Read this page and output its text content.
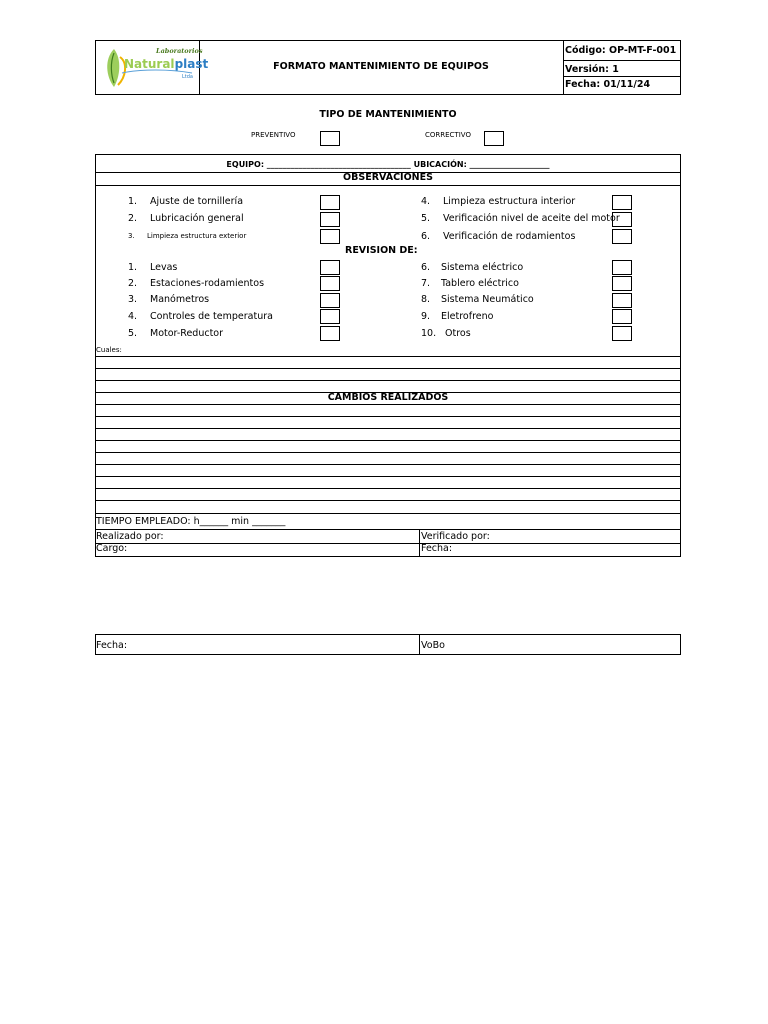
Laboratorios
Naturalplast
Ltda
FORMATO MANTENIMIENTO DE EQUIPOS
Código: OP-MT-F-001
Versión: 1
Fecha: 01/11/24
TIPO DE MANTENIMIENTO
PREVENTIVO	CORRECTIVO
EQUIPO: ____________________________________ UBICACIÓN: ____________________
OBSERVACIONES
1. Ajuste de tornillería
2. Lubricación general
3. Limpieza estructura exterior
4. Limpieza estructura interior
5. Verificación nivel de aceite del motor
6. Verificación de rodamientos
REVISION DE:
1. Levas
2. Estaciones-rodamientos
3. Manómetros
4. Controles de temperatura
5. Motor-Reductor
6. Sistema eléctrico
7. Tablero eléctrico
8. Sistema Neumático
9. Eletrofreno
10. Otros
Cuales:
CAMBIOS REALIZADOS
TIEMPO EMPLEADO: h______ min _______
Realizado por:	Verificado por:
Cargo:	Fecha:
Fecha:	VoBo
